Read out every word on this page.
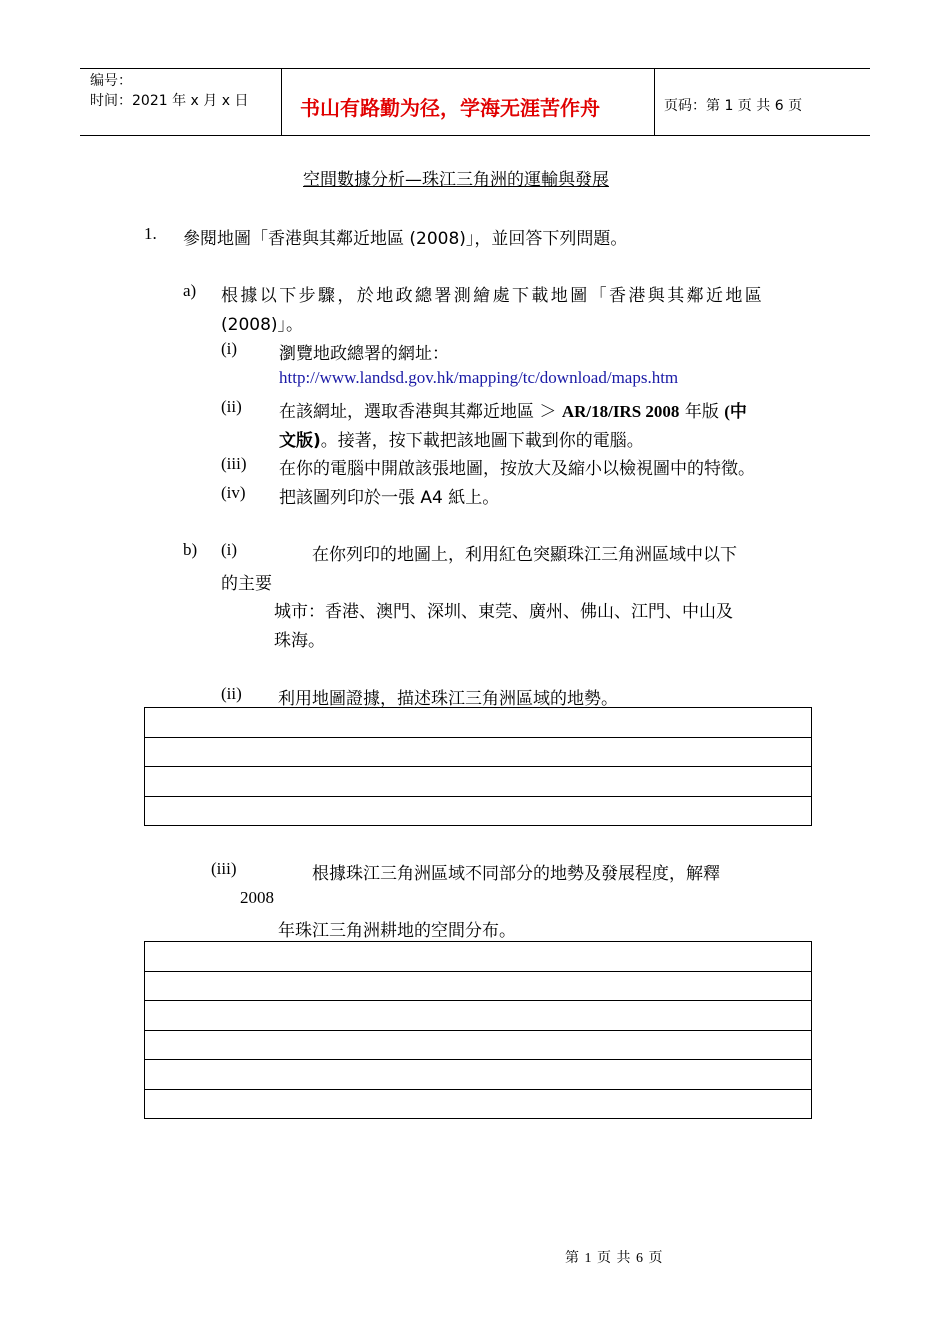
编号：
时间：2021 年 x 月 x 日	书山有路勤为径，学海无涯苦作舟	页码：第 1 页 共 6 页
空間數據分析—珠江三角洲的運輸與發展
1. 參閱地圖「香港與其鄰近地區 (2008)」，並回答下列問題。
a) 根據以下步驟，於地政總署測繪處下載地圖「香港與其鄰近地區
(2008)」。
(i) 瀏覽地政總署的網址：
http://www.landsd.gov.hk/mapping/tc/download/maps.htm
(ii) 在該網址，選取香港與其鄰近地區 ＞ AR/18/IRS 2008 年版 (中
文版)。接著，按下載把該地圖下載到你的電腦。
(iii) 在你的電腦中開啟該張地圖，按放大及縮小以檢視圖中的特徵。
(iv) 把該圖列印於一張 A4 紙上。
b) (i)	在你列印的地圖上，利用紅色突顯珠江三角洲區域中以下
的主要
城市：香港、澳門、深圳、東莞、廣州、佛山、江門、中山及
珠海。
(ii) 利用地圖證據，描述珠江三角洲區域的地勢。
(iii)	根據珠江三角洲區域不同部分的地勢及發展程度，解釋
2008
年珠江三角洲耕地的空間分布。
第 1 页 共 6 页
